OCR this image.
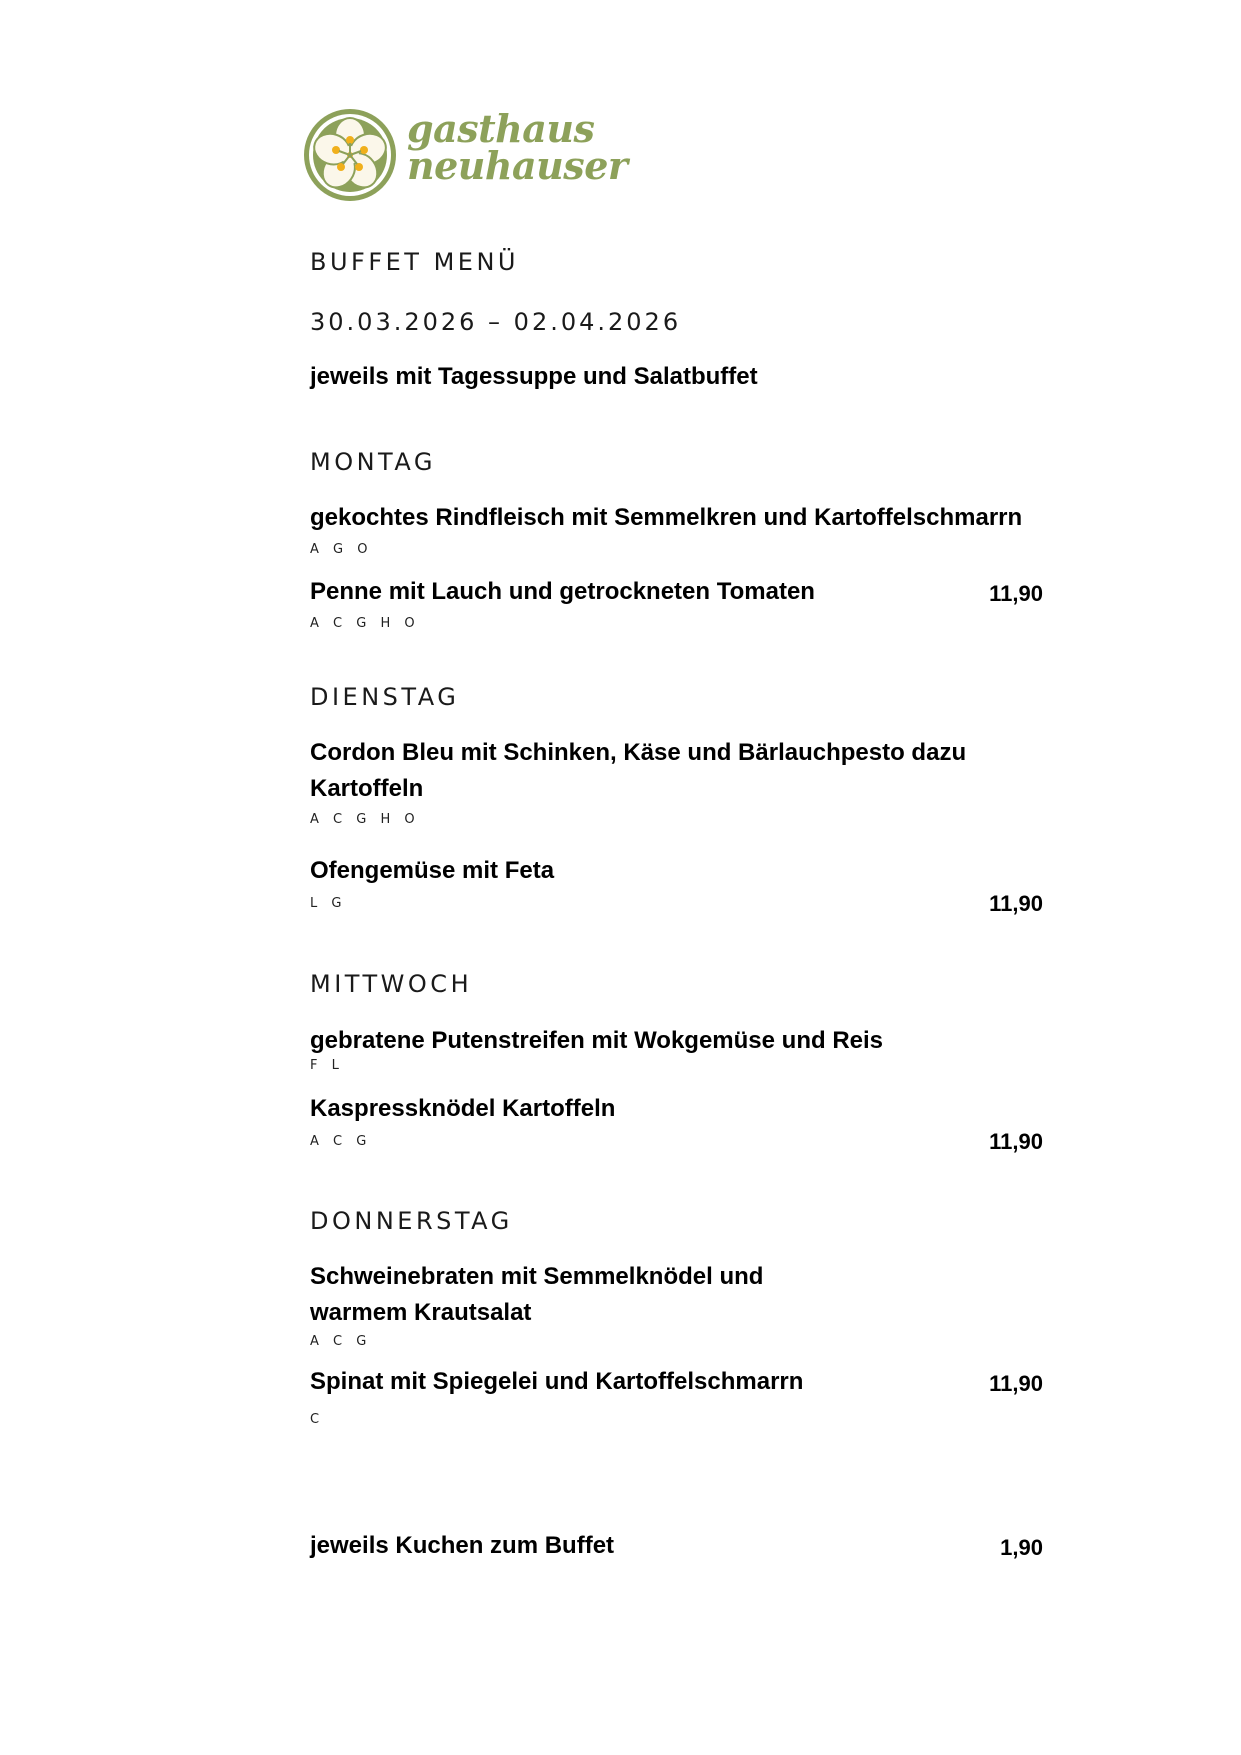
gasthaus
neuhauser
BUFFET MENÜ
30.03.2026 – 02.04.2026
jeweils mit Tagessuppe und Salatbuffet
MONTAG
gekochtes Rindfleisch mit Semmelkren und Kartoffelschmarrn
A G O
Penne mit Lauch und getrockneten Tomaten	11,90
A C G H O
DIENSTAG
Cordon Bleu mit Schinken, Käse und Bärlauchpesto dazu Kartoffeln
A C G H O
Ofengemüse mit Feta
L G	11,90
MITTWOCH
gebratene Putenstreifen mit Wokgemüse und Reis
F L
Kaspressknödel Kartoffeln
A C G	11,90
DONNERSTAG
Schweinebraten mit Semmelknödel und warmem Krautsalat
A C G
Spinat mit Spiegelei und Kartoffelschmarrn	11,90
C
jeweils Kuchen zum Buffet	1,90
